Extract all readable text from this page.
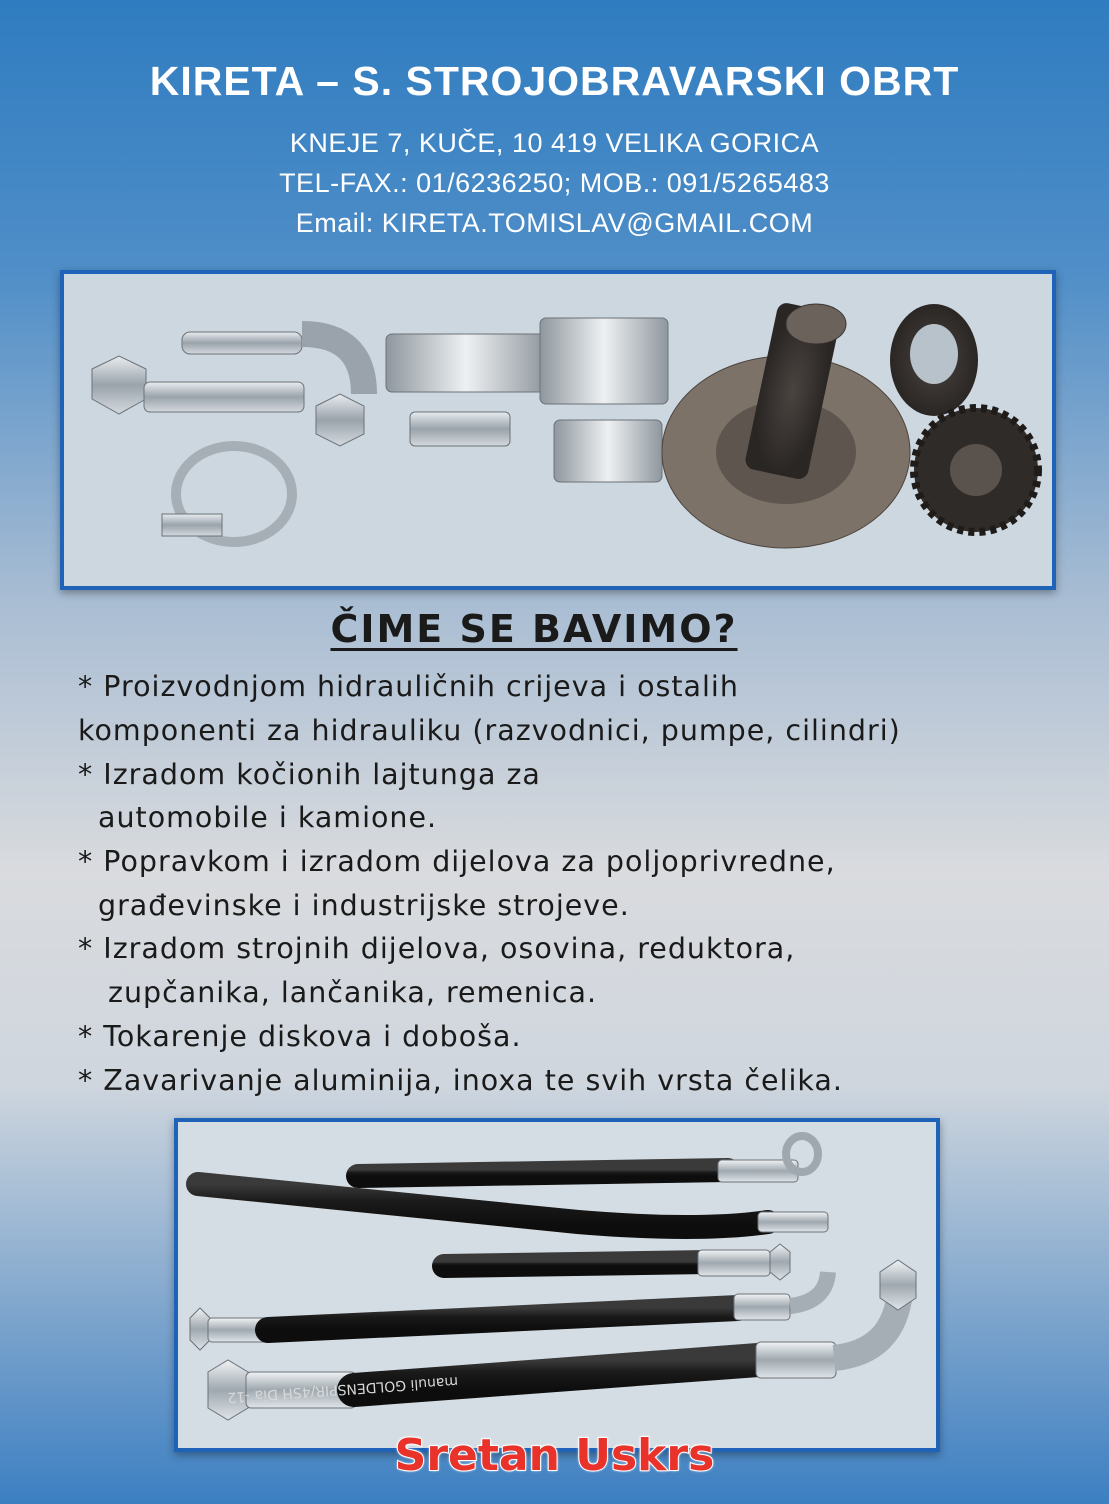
KIRETA – S. STROJOBRAVARSKI OBRT
KNEJE 7, KUČE, 10 419 VELIKA GORICA
TEL-FAX.: 01/6236250; MOB.: 091/5265483
Email: KIRETA.TOMISLAV@GMAIL.COM
ČIME SE BAVIMO?
* Proizvodnjom hidrauličnih crijeva i ostalih
komponenti za hidrauliku (razvodnici, pumpe, cilindri)
* Izradom kočionih lajtunga za
automobile i kamione.
* Popravkom i izradom dijelova za poljoprivredne,
građevinske i industrijske strojeve.
* Izradom strojnih dijelova, osovina, reduktora,
zupčanika, lančanika, remenica.
* Tokarenje diskova i doboša.
* Zavarivanje aluminija, inoxa te svih vrsta čelika.
manuli GOLDENSPIR/4SH Dia -12
Sretan Uskrs
